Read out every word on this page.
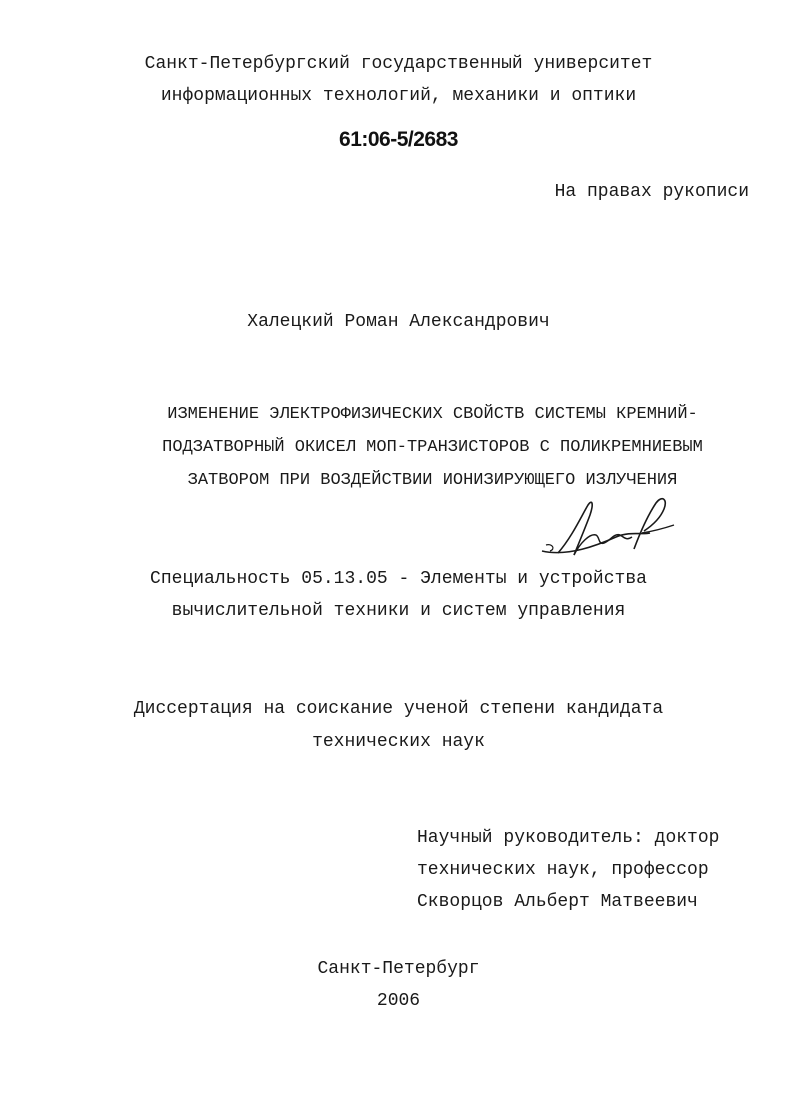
Санкт-Петербургский государственный университет
информационных технологий, механики и оптики
61:06-5/2683
На правах рукописи
Халецкий Роман Александрович
ИЗМЕНЕНИЕ ЭЛЕКТРОФИЗИЧЕСКИХ СВОЙСТВ СИСТЕМЫ КРЕМНИЙ-
ПОДЗАТВОРНЫЙ ОКИСЕЛ МОП-ТРАНЗИСТОРОВ С ПОЛИКРЕМНИЕВЫМ
ЗАТВОРОМ ПРИ ВОЗДЕЙСТВИИ ИОНИЗИРУЮЩЕГО ИЗЛУЧЕНИЯ
Специальность 05.13.05 - Элементы и устройства
вычислительной техники и систем управления
Диссертация на соискание ученой степени кандидата
технических наук
Научный руководитель: доктор
технических наук, профессор
Скворцов Альберт Матвеевич
Санкт-Петербург
2006
